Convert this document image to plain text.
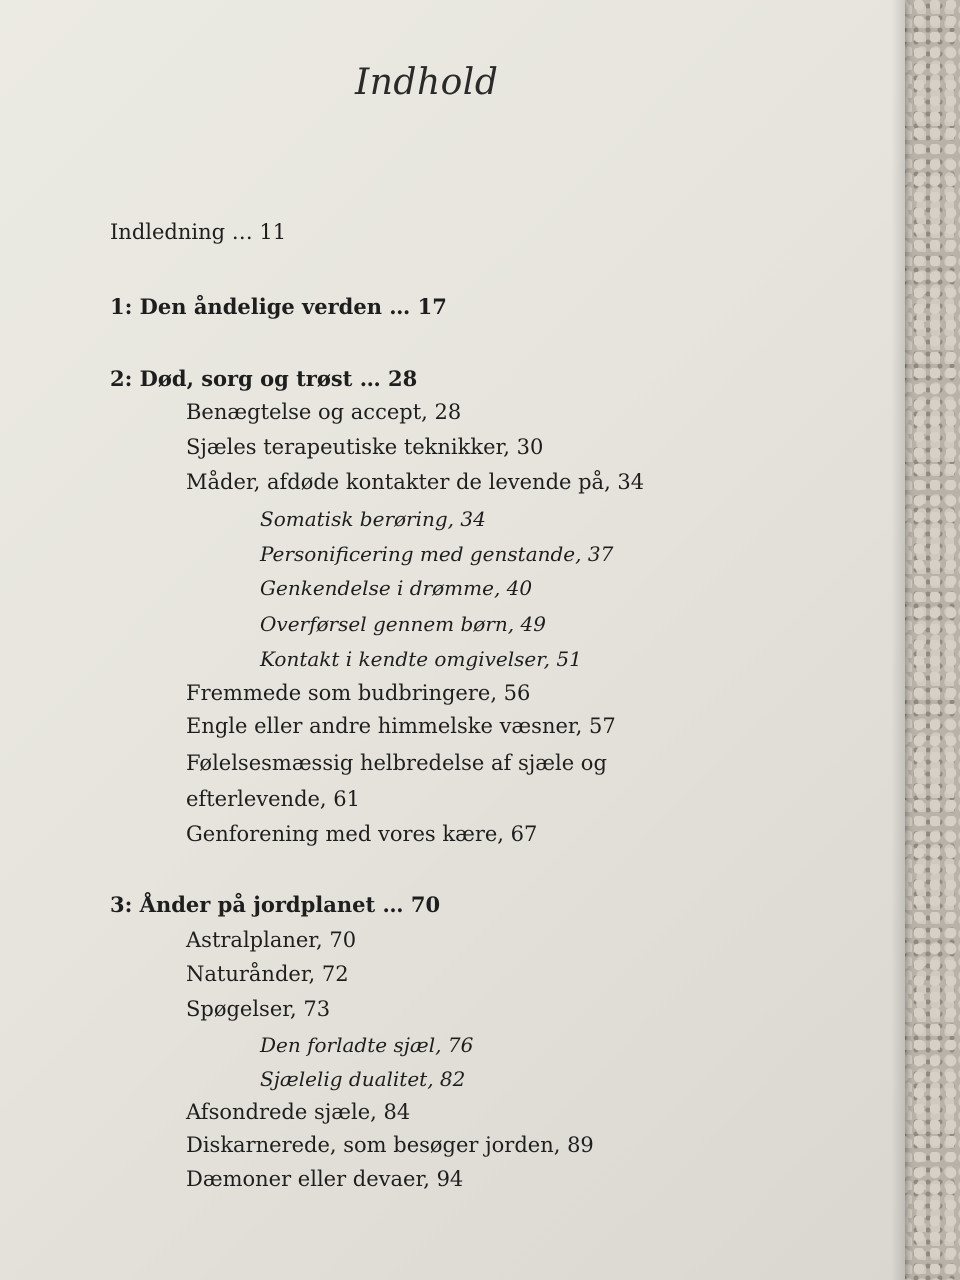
Indhold
Indledning … 11
1: Den åndelige verden … 17
2: Død, sorg og trøst … 28
Benægtelse og accept, 28
Sjæles terapeutiske teknikker, 30
Måder, afdøde kontakter de levende på, 34
Somatisk berøring, 34
Personificering med genstande, 37
Genkendelse i drømme, 40
Overførsel gennem børn, 49
Kontakt i kendte omgivelser, 51
Fremmede som budbringere, 56
Engle eller andre himmelske væsner, 57
Følelsesmæssig helbredelse af sjæle og
efterlevende, 61
Genforening med vores kære, 67
3: Ånder på jordplanet … 70
Astralplaner, 70
Naturånder, 72
Spøgelser, 73
Den forladte sjæl, 76
Sjælelig dualitet, 82
Afsondrede sjæle, 84
Diskarnerede, som besøger jorden, 89
Dæmoner eller devaer, 94
